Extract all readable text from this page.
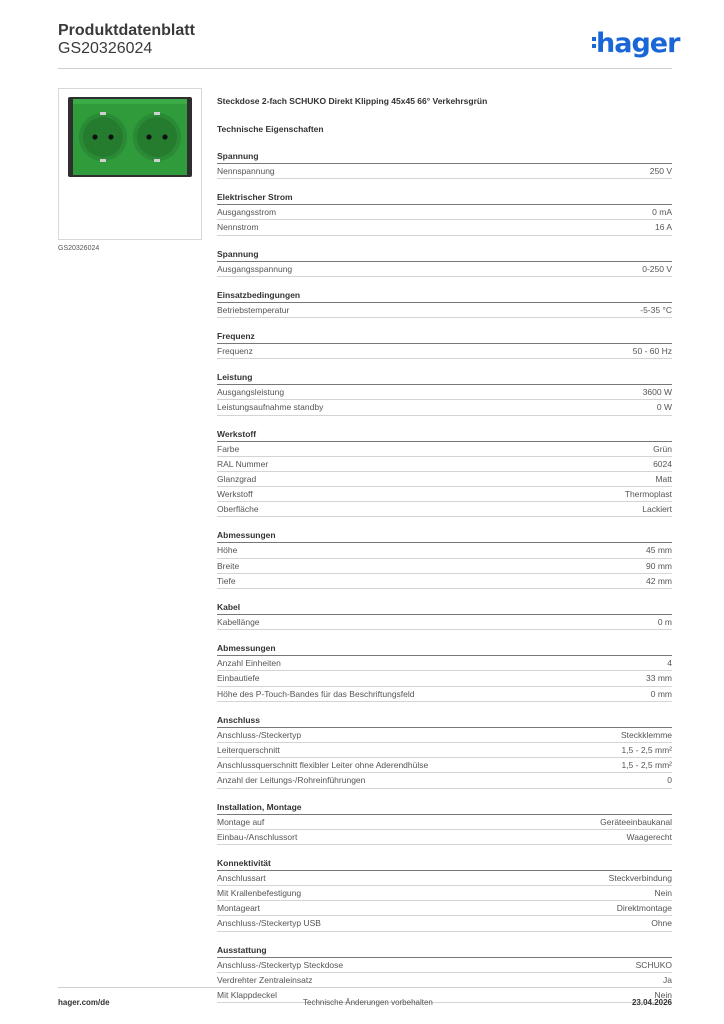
Produktdatenblatt
GS20326024	hager
GS20326024
Steckdose 2-fach SCHUKO Direkt Klipping 45x45 66° Verkehrsgrün
Technische Eigenschaften
Spannung
Nennspannung	250 V
Elektrischer Strom
Ausgangsstrom	0 mA
Nennstrom	16 A
Spannung
Ausgangsspannung	0-250 V
Einsatzbedingungen
Betriebstemperatur	-5-35 °C
Frequenz
Frequenz	50 - 60 Hz
Leistung
Ausgangsleistung	3600 W
Leistungsaufnahme standby	0 W
Werkstoff
Farbe	Grün
RAL Nummer	6024
Glanzgrad	Matt
Werkstoff	Thermoplast
Oberfläche	Lackiert
Abmessungen
Höhe	45 mm
Breite	90 mm
Tiefe	42 mm
Kabel
Kabellänge	0 m
Abmessungen
Anzahl Einheiten	4
Einbautiefe	33 mm
Höhe des P-Touch-Bandes für das Beschriftungsfeld	0 mm
Anschluss
Anschluss-/Steckertyp	Steckklemme
Leiterquerschnitt	1,5 - 2,5 mm²
Anschlussquerschnitt flexibler Leiter ohne Aderendhülse	1,5 - 2,5 mm²
Anzahl der Leitungs-/Rohreinführungen	0
Installation, Montage
Montage auf	Geräteeinbaukanal
Einbau-/Anschlussort	Waagerecht
Konnektivität
Anschlussart	Steckverbindung
Mit Krallenbefestigung	Nein
Montageart	Direktmontage
Anschluss-/Steckertyp USB	Ohne
Ausstattung
Anschluss-/Steckertyp Steckdose	SCHUKO
Verdrehter Zentraleinsatz	Ja
Mit Klappdeckel	Nein
hager.com/de	Technische Änderungen vorbehalten	23.04.2026
